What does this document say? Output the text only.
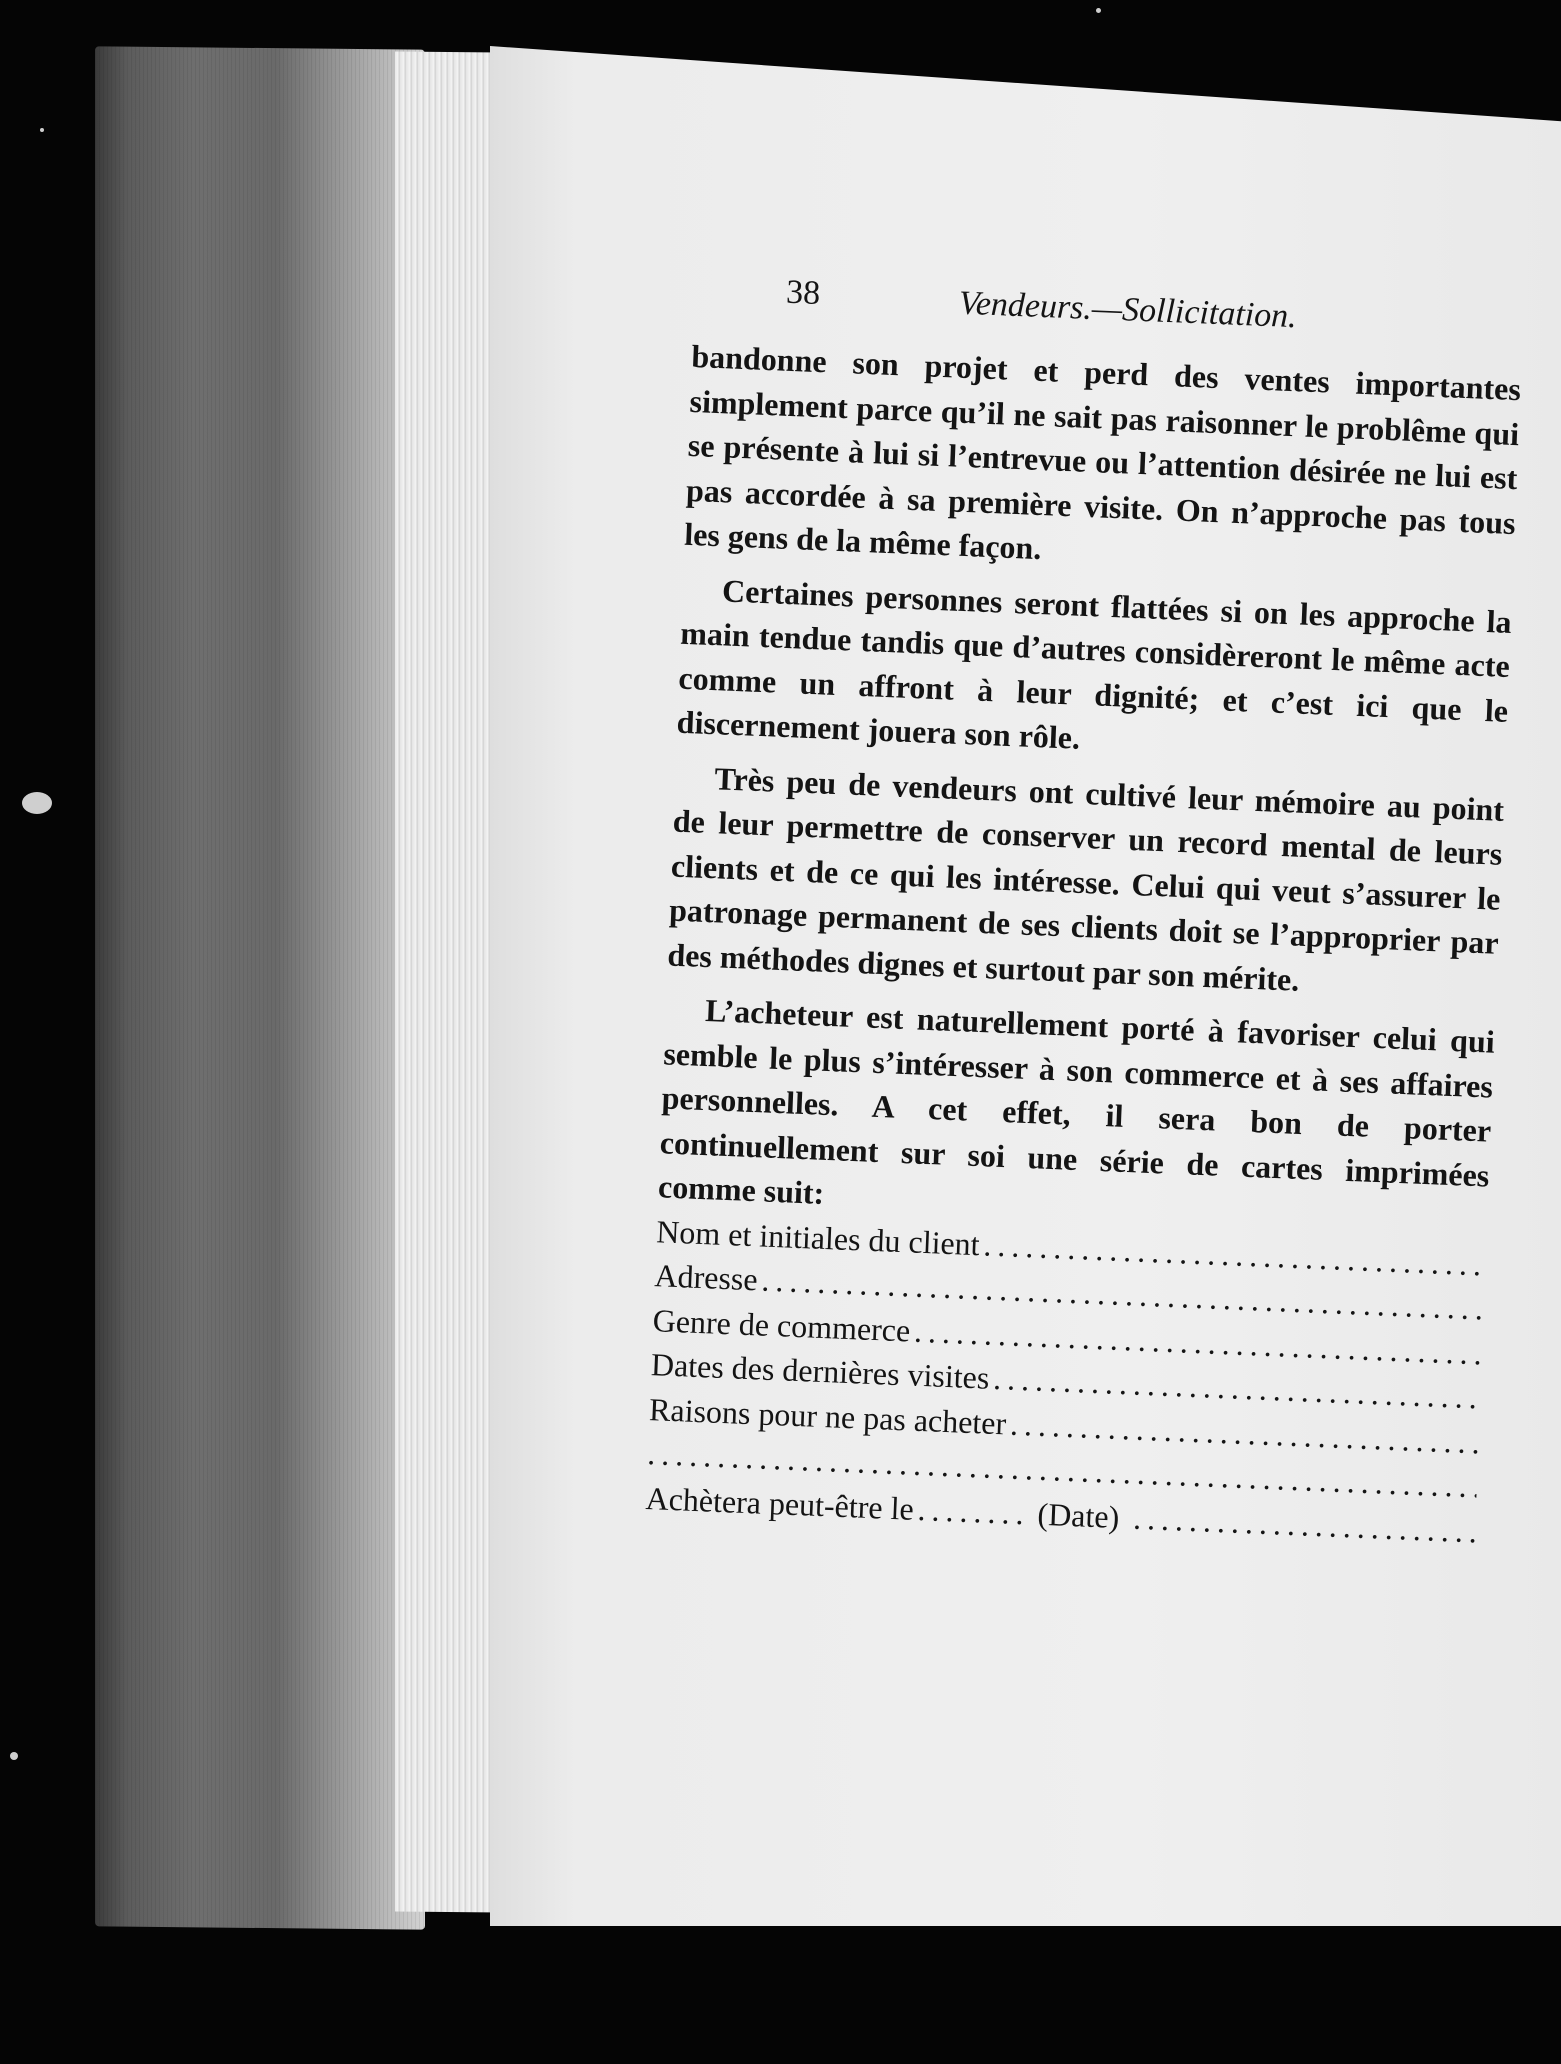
38	Vendeurs.—Sollicitation.

bandonne son projet et perd des ventes importantes simplement parce qu’il ne sait pas raisonner le problême qui se présente à lui si l’entrevue ou l’attention désirée ne lui est pas accordée à sa première visite. On n’approche pas tous les gens de la même façon.

Certaines personnes seront flattées si on les approche la main tendue tandis que d’autres considèreront le même acte comme un affront à leur dignité; et c’est ici que le discernement jouera son rôle.

Très peu de vendeurs ont cultivé leur mémoire au point de leur permettre de conserver un record mental de leurs clients et de ce qui les intéresse. Celui qui veut s’assurer le patronage permanent de ses clients doit se l’approprier par des méthodes dignes et surtout par son mérite.

L’acheteur est naturellement porté à favoriser celui qui semble le plus s’intéresser à son commerce et à ses affaires personnelles. A cet effet, il sera bon de porter continuellement sur soi une série de cartes imprimées comme suit:

Nom et initiales du client
.....
Adresse
.....
Genre de commerce
.....
Dates des dernières visites
.....
Raisons pour ne pas acheter
.....
.....
Achètera peut-être le
.....	(Date)
.....
